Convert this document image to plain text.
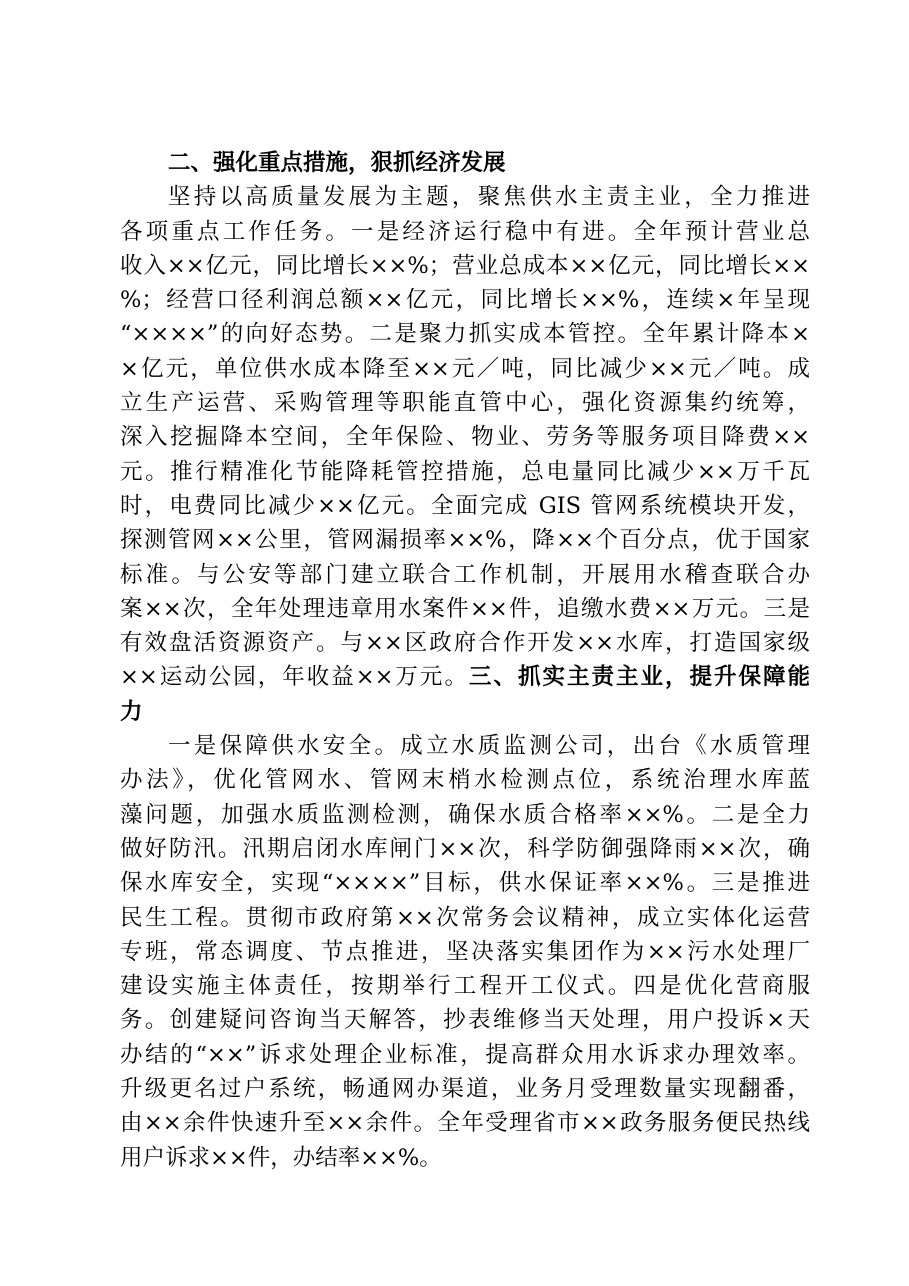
二、强化重点措施，狠抓经济发展
坚持以高质量发展为主题，聚焦供水主责主业，全力推进
各项重点工作任务。一是经济运行稳中有进。全年预计营业总
收入××亿元，同比增长××%；营业总成本××亿元，同比增长××
%；经营口径利润总额××亿元，同比增长××%，连续×年呈现
“××××”的向好态势。二是聚力抓实成本管控。全年累计降本×
×亿元，单位供水成本降至××元／吨，同比减少××元／吨。成
立生产运营、采购管理等职能直管中心，强化资源集约统筹，
深入挖掘降本空间，全年保险、物业、劳务等服务项目降费××
元。推行精准化节能降耗管控措施，总电量同比减少××万千瓦
时，电费同比减少××亿元。全面完成 GIS 管网系统模块开发，
探测管网××公里，管网漏损率××%，降××个百分点，优于国家
标准。与公安等部门建立联合工作机制，开展用水稽查联合办
案××次，全年处理违章用水案件××件，追缴水费××万元。三是
有效盘活资源资产。与××区政府合作开发××水库，打造国家级
××运动公园，年收益××万元。三、抓实主责主业，提升保障能
力
一是保障供水安全。成立水质监测公司，出台《水质管理
办法》，优化管网水、管网末梢水检测点位，系统治理水库蓝
藻问题，加强水质监测检测，确保水质合格率××%。二是全力
做好防汛。汛期启闭水库闸门××次，科学防御强降雨××次，确
保水库安全，实现“××××”目标，供水保证率××%。三是推进
民生工程。贯彻市政府第××次常务会议精神，成立实体化运营
专班，常态调度、节点推进，坚决落实集团作为××污水处理厂
建设实施主体责任，按期举行工程开工仪式。四是优化营商服
务。创建疑问咨询当天解答，抄表维修当天处理，用户投诉×天
办结的“××”诉求处理企业标准，提高群众用水诉求办理效率。
升级更名过户系统，畅通网办渠道，业务月受理数量实现翻番，
由××余件快速升至××余件。全年受理省市××政务服务便民热线
用户诉求××件，办结率××%。
